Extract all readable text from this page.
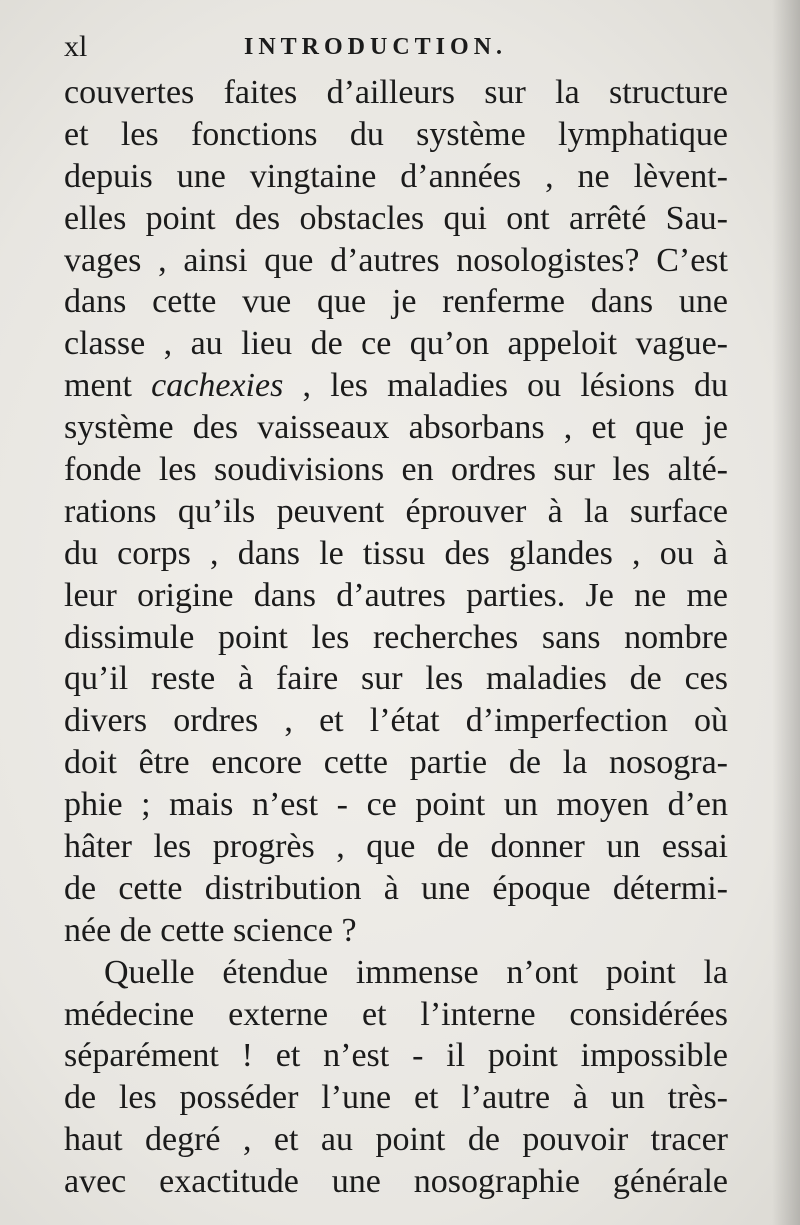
xl	INTRODUCTION.
couvertes faites d’ailleurs sur la structure
et les fonctions du système lymphatique
depuis une vingtaine d’années , ne lèvent-
elles point des obstacles qui ont arrêté Sau-
vages , ainsi que d’autres nosologistes? C’est
dans cette vue que je renferme dans une
classe , au lieu de ce qu’on appeloit vague-
ment cachexies , les maladies ou lésions du
système des vaisseaux absorbans , et que je
fonde les soudivisions en ordres sur les alté-
rations qu’ils peuvent éprouver à la surface
du corps , dans le tissu des glandes , ou à
leur origine dans d’autres parties. Je ne me
dissimule point les recherches sans nombre
qu’il reste à faire sur les maladies de ces
divers ordres , et l’état d’imperfection où
doit être encore cette partie de la nosogra-
phie ; mais n’est - ce point un moyen d’en
hâter les progrès , que de donner un essai
de cette distribution à une époque détermi-
née de cette science ?
Quelle étendue immense n’ont point la
médecine externe et l’interne considérées
séparément ! et n’est - il point impossible
de les posséder l’une et l’autre à un très-
haut degré , et au point de pouvoir tracer
avec exactitude une nosographie générale
